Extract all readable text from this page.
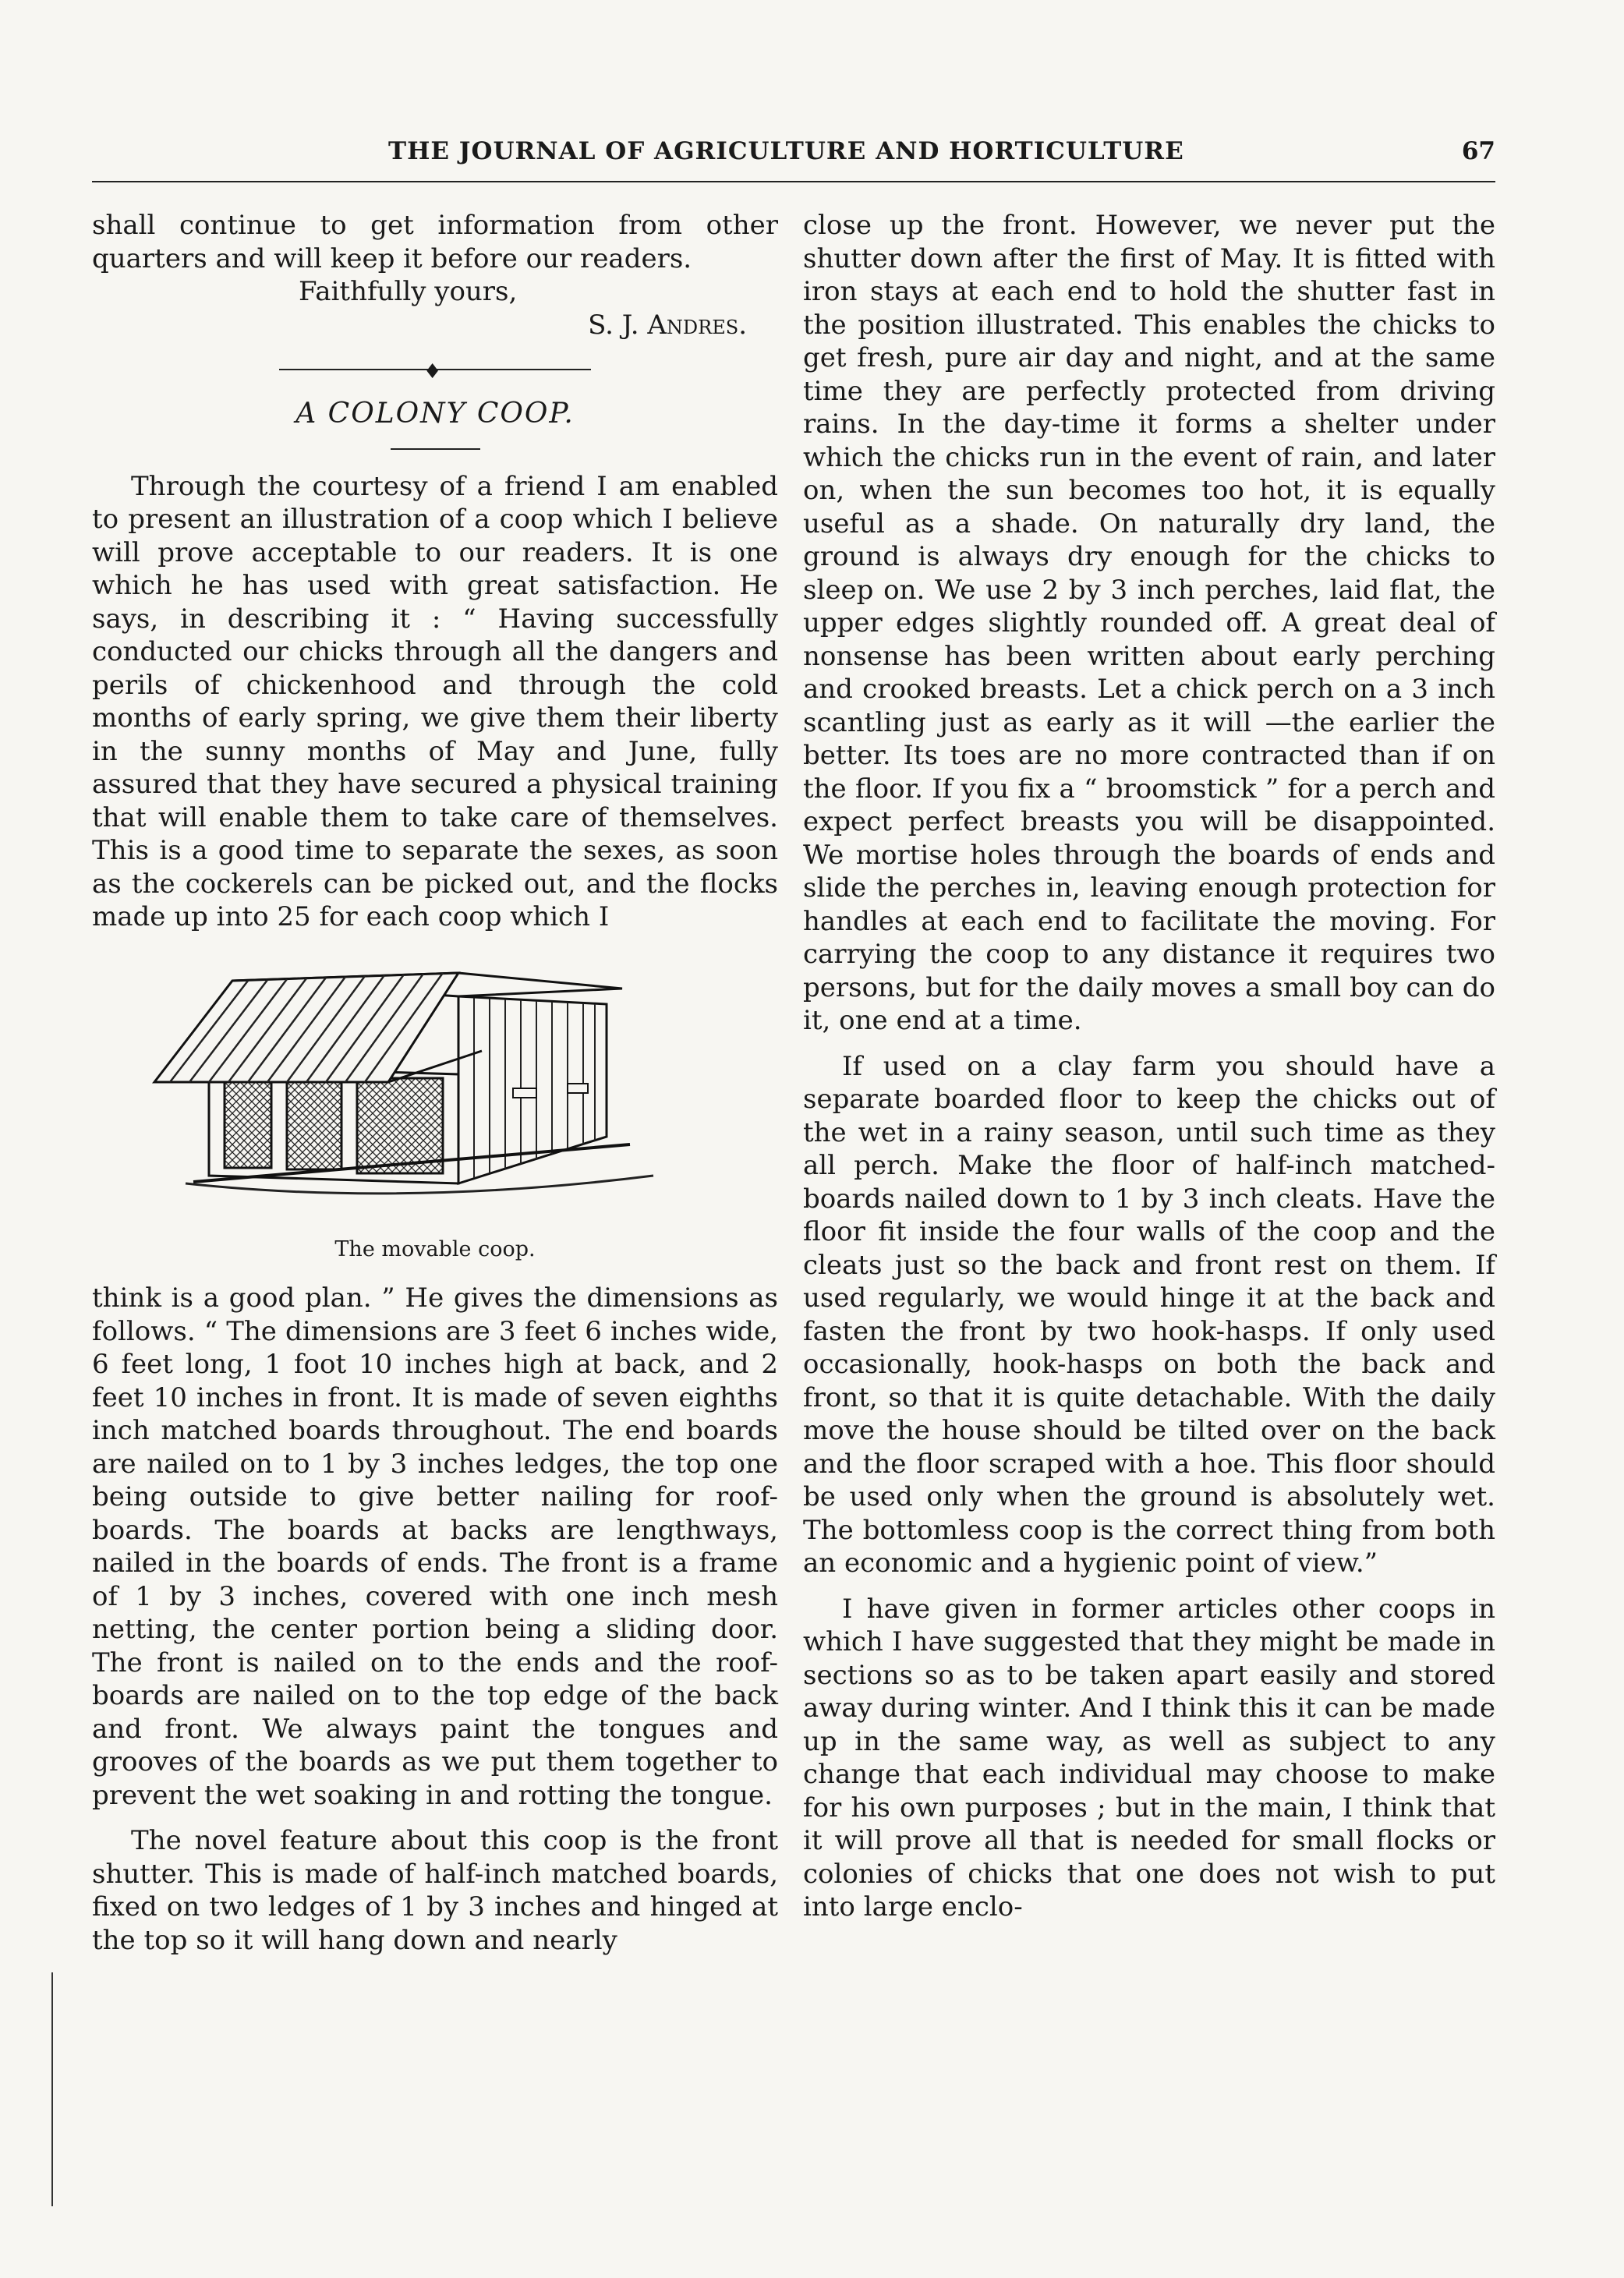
THE JOURNAL OF AGRICULTURE AND HORTICULTURE	67

shall continue to get information from other quarters and will keep it before our readers.

Faithfully yours,

S. J. Andres.

♦

A COLONY COOP.

Through the courtesy of a friend I am enabled to present an illustration of a coop which I believe will prove acceptable to our readers. It is one which he has used with great satisfaction. He says, in describing it : “ Having successfully conducted our chicks through all the dangers and perils of chickenhood and through the cold months of early spring, we give them their liberty in the sunny months of May and June, fully assured that they have secured a physical training that will enable them to take care of themselves. This is a good time to separate the sexes, as soon as the cockerels can be picked out, and the flocks made up into 25 for each coop which I

The movable coop.

think is a good plan. ” He gives the dimensions as follows. “ The dimensions are 3 feet 6 inches wide, 6 feet long, 1 foot 10 inches high at back, and 2 feet 10 inches in front. It is made of seven eighths inch matched boards throughout. The end boards are nailed on to 1 by 3 inches ledges, the top one being outside to give better nailing for roof-boards. The boards at backs are lengthways, nailed in the boards of ends. The front is a frame of 1 by 3 inches, covered with one inch mesh netting, the center portion being a sliding door. The front is nailed on to the ends and the roof-boards are nailed on to the top edge of the back and front. We always paint the tongues and grooves of the boards as we put them together to prevent the wet soaking in and rotting the tongue.

The novel feature about this coop is the front shutter. This is made of half-inch matched boards, fixed on two ledges of 1 by 3 inches and hinged at the top so it will hang down and nearly

close up the front. However, we never put the shutter down after the first of May. It is fitted with iron stays at each end to hold the shutter fast in the position illustrated. This enables the chicks to get fresh, pure air day and night, and at the same time they are perfectly protected from driving rains. In the day-time it forms a shelter under which the chicks run in the event of rain, and later on, when the sun becomes too hot, it is equally useful as a shade. On naturally dry land, the ground is always dry enough for the chicks to sleep on. We use 2 by 3 inch perches, laid flat, the upper edges slightly rounded off. A great deal of nonsense has been written about early perching and crooked breasts. Let a chick perch on a 3 inch scantling just as early as it will —the earlier the better. Its toes are no more contracted than if on the floor. If you fix a “ broomstick ” for a perch and expect perfect breasts you will be disappointed. We mortise holes through the boards of ends and slide the perches in, leaving enough protection for handles at each end to facilitate the moving. For carrying the coop to any distance it requires two persons, but for the daily moves a small boy can do it, one end at a time.

If used on a clay farm you should have a separate boarded floor to keep the chicks out of the wet in a rainy season, until such time as they all perch. Make the floor of half-inch matched-boards nailed down to 1 by 3 inch cleats. Have the floor fit inside the four walls of the coop and the cleats just so the back and front rest on them. If used regularly, we would hinge it at the back and fasten the front by two hook-hasps. If only used occasionally, hook-hasps on both the back and front, so that it is quite detachable. With the daily move the house should be tilted over on the back and the floor scraped with a hoe. This floor should be used only when the ground is absolutely wet. The bottomless coop is the correct thing from both an economic and a hygienic point of view.”

I have given in former articles other coops in which I have suggested that they might be made in sections so as to be taken apart easily and stored away during winter. And I think this it can be made up in the same way, as well as subject to any change that each individual may choose to make for his own purposes ; but in the main, I think that it will prove all that is needed for small flocks or colonies of chicks that one does not wish to put into large enclo-
